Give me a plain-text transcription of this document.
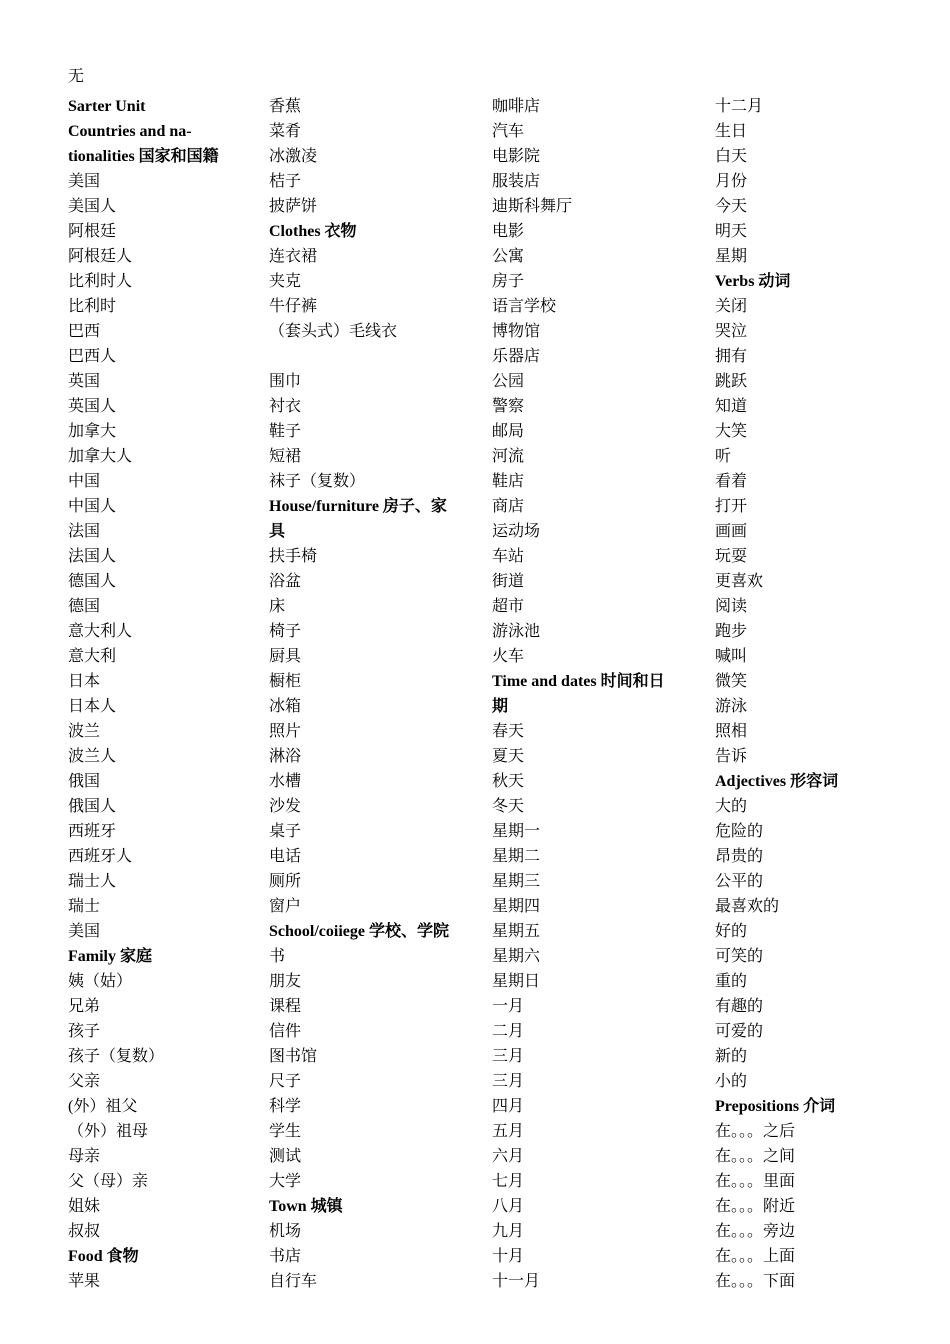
无
Sarter Unit
Countries and na-
tionalities 国家和国籍
美国
美国人
阿根廷
阿根廷人
比利时人
比利时
巴西
巴西人
英国
英国人
加拿大
加拿大人
中国
中国人
法国
法国人
德国人
德国
意大利人
意大利
日本
日本人
波兰
波兰人
俄国
俄国人
西班牙
西班牙人
瑞士人
瑞士
美国
Family 家庭
姨（姑）
兄弟
孩子
孩子（复数）
父亲
(外）祖父
（外）祖母
母亲
父（母）亲
姐妹
叔叔
Food 食物
苹果
香蕉
菜肴
冰激凌
桔子
披萨饼
Clothes 衣物
连衣裙
夹克
牛仔裤
（套头式）毛线衣
围巾
衬衣
鞋子
短裙
袜子（复数）
House/furniture 房子、家
具
扶手椅
浴盆
床
椅子
厨具
橱柜
冰箱
照片
淋浴
水槽
沙发
桌子
电话
厕所
窗户
School/coiiege 学校、学院
书
朋友
课程
信件
图书馆
尺子
科学
学生
测试
大学
Town 城镇
机场
书店
自行车
咖啡店
汽车
电影院
服装店
迪斯科舞厅
电影
公寓
房子
语言学校
博物馆
乐器店
公园
警察
邮局
河流
鞋店
商店
运动场
车站
街道
超市
游泳池
火车
Time and dates 时间和日
期
春天
夏天
秋天
冬天
星期一
星期二
星期三
星期四
星期五
星期六
星期日
一月
二月
三月
三月
四月
五月
六月
七月
八月
九月
十月
十一月
十二月
生日
白天
月份
今天
明天
星期
Verbs 动词
关闭
哭泣
拥有
跳跃
知道
大笑
听
看着
打开
画画
玩耍
更喜欢
阅读
跑步
喊叫
微笑
游泳
照相
告诉
Adjectives 形容词
大的
危险的
昂贵的
公平的
最喜欢的
好的
可笑的
重的
有趣的
可爱的
新的
小的
Prepositions 介词
在。。。之后
在。。。之间
在。。。里面
在。。。附近
在。。。旁边
在。。。上面
在。。。下面
